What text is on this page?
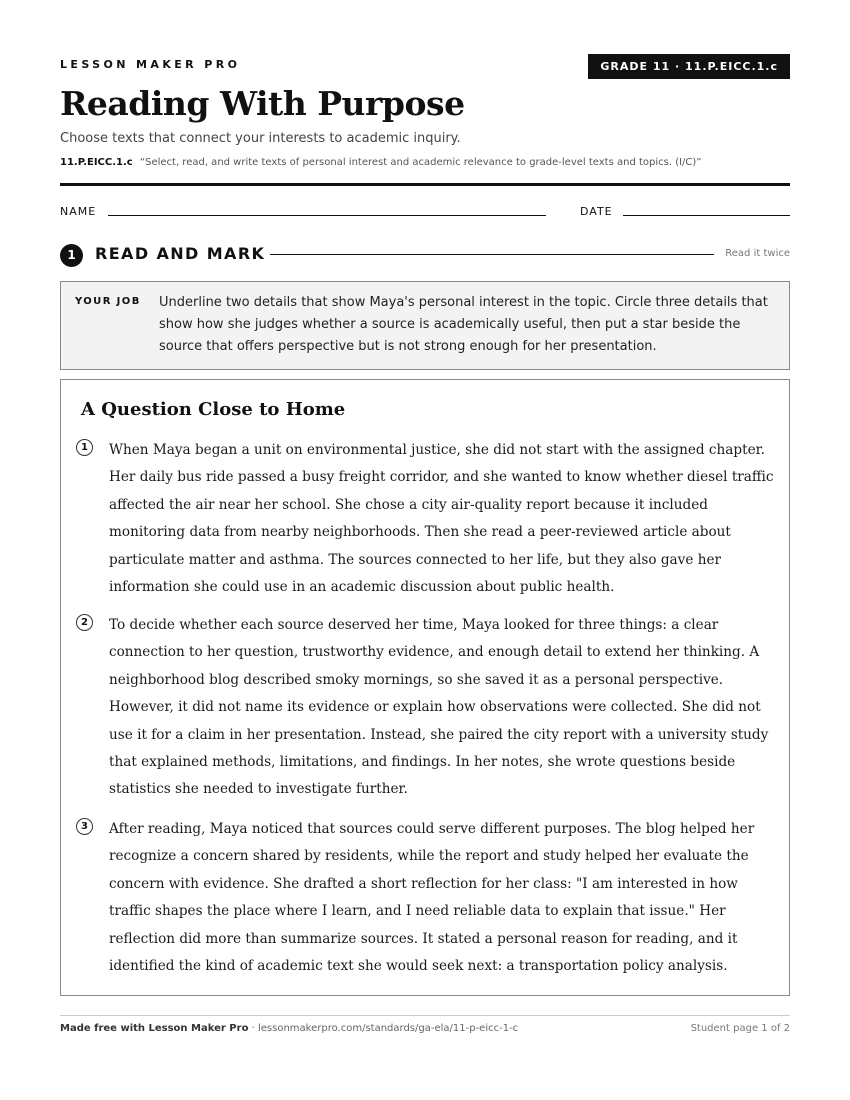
LESSON MAKER PRO	GRADE 11 · 11.P.EICC.1.c
Reading With Purpose
Choose texts that connect your interests to academic inquiry.
11.P.EICC.1.c “Select, read, and write texts of personal interest and academic relevance to grade-level texts and topics. (I/C)”
NAME	DATE
1	READ AND MARK	Read it twice
YOUR JOB Underline two details that show Maya's personal interest in the topic. Circle three details that show how she judges whether a source is academically useful, then put a star beside the source that offers perspective but is not strong enough for her presentation.
A Question Close to Home
1	When Maya began a unit on environmental justice, she did not start with the assigned chapter. Her daily bus ride passed a busy freight corridor, and she wanted to know whether diesel traffic affected the air near her school. She chose a city air-quality report because it included monitoring data from nearby neighborhoods. Then she read a peer-reviewed article about particulate matter and asthma. The sources connected to her life, but they also gave her information she could use in an academic discussion about public health.

2	To decide whether each source deserved her time, Maya looked for three things: a clear connection to her question, trustworthy evidence, and enough detail to extend her thinking. A neighborhood blog described smoky mornings, so she saved it as a personal perspective. However, it did not name its evidence or explain how observations were collected. She did not use it for a claim in her presentation. Instead, she paired the city report with a university study that explained methods, limitations, and findings. In her notes, she wrote questions beside statistics she needed to investigate further.

3	After reading, Maya noticed that sources could serve different purposes. The blog helped her recognize a concern shared by residents, while the report and study helped her evaluate the concern with evidence. She drafted a short reflection for her class: "I am interested in how traffic shapes the place where I learn, and I need reliable data to explain that issue." Her reflection did more than summarize sources. It stated a personal reason for reading, and it identified the kind of academic text she would seek next: a transportation policy analysis.

Made free with Lesson Maker Pro · lessonmakerpro.com/standards/ga-ela/11-p-eicc-1-c	Student page 1 of 2
